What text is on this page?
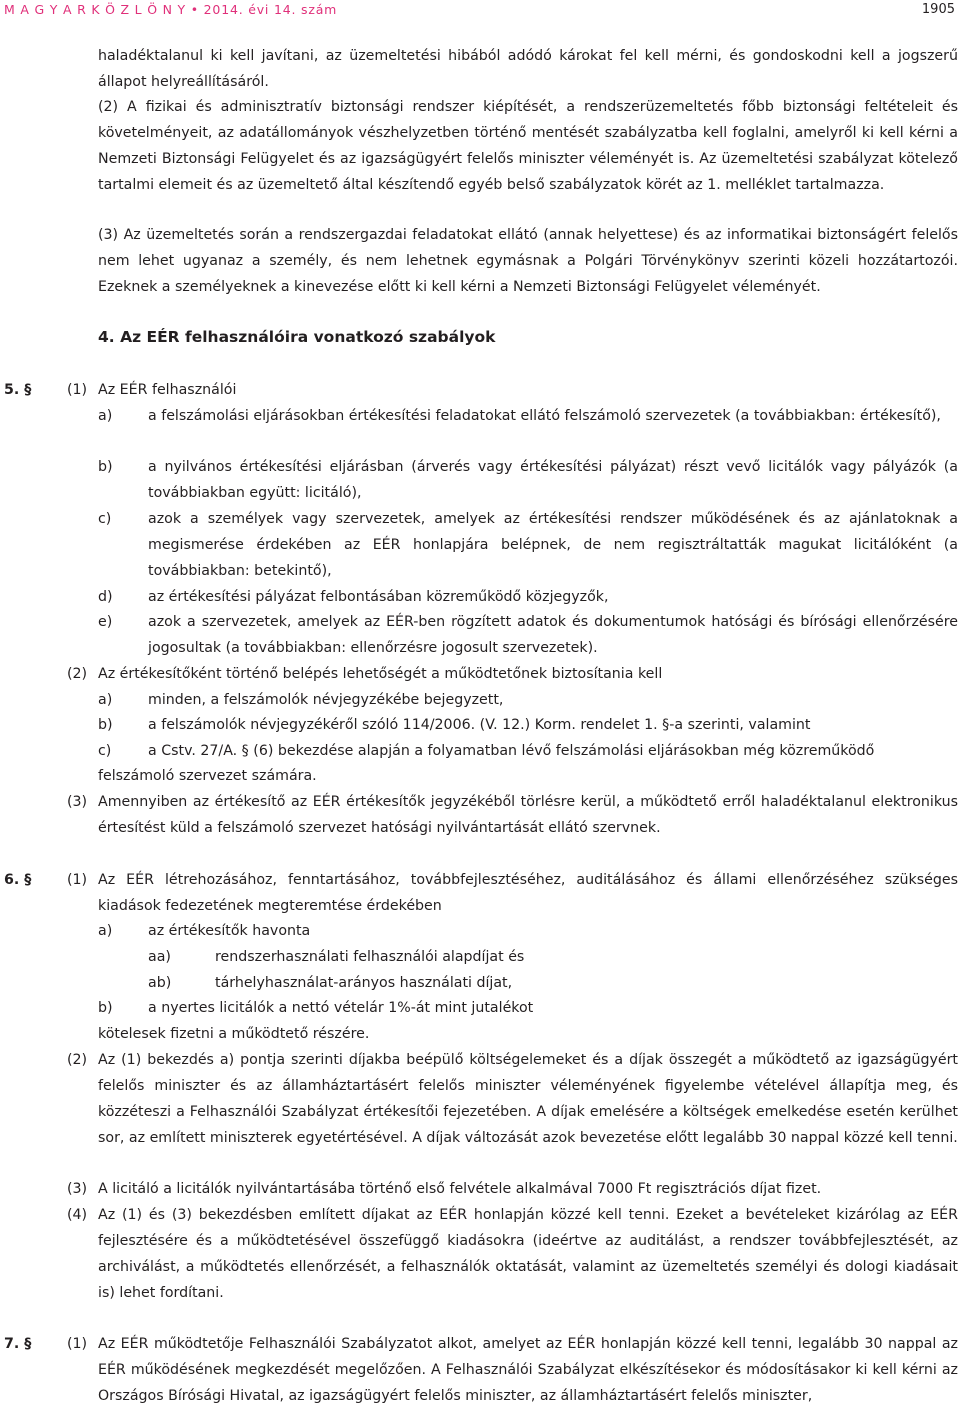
M A G Y A R K Ö Z L Ö N Y • 2014. évi 14. szám	1905
haladéktalanul ki kell javítani, az üzemeltetési hibából adódó károkat fel kell mérni, és gondoskodni kell a jogszerű állapot helyreállításáról.
(2) A fizikai és adminisztratív biztonsági rendszer kiépítését, a rendszerüzemeltetés főbb biztonsági feltételeit és követelményeit, az adatállományok vészhelyzetben történő mentését szabályzatba kell foglalni, amelyről ki kell kérni a Nemzeti Biztonsági Felügyelet és az igazságügyért felelős miniszter véleményét is. Az üzemeltetési szabályzat kötelező tartalmi elemeit és az üzemeltető által készítendő egyéb belső szabályzatok körét az 1. melléklet tartalmazza.
(3) Az üzemeltetés során a rendszergazdai feladatokat ellátó (annak helyettese) és az informatikai biztonságért felelős nem lehet ugyanaz a személy, és nem lehetnek egymásnak a Polgári Törvénykönyv szerinti közeli hozzátartozói. Ezeknek a személyeknek a kinevezése előtt ki kell kérni a Nemzeti Biztonsági Felügyelet véleményét.
4. Az EÉR felhasználóira vonatkozó szabályok
5. §	(1) Az EÉR felhasználói
a)	a felszámolási eljárásokban értékesítési feladatokat ellátó felszámoló szervezetek (a továbbiakban: értékesítő),
b) a nyilvános értékesítési eljárásban (árverés vagy értékesítési pályázat) részt vevő licitálók vagy pályázók (a továbbiakban együtt: licitáló),
c)	azok a személyek vagy szervezetek, amelyek az értékesítési rendszer működésének és az ajánlatoknak a megismerése érdekében az EÉR honlapjára belépnek, de nem regisztráltatták magukat licitálóként (a továbbiakban: betekintő),
d) az értékesítési pályázat felbontásában közreműködő közjegyzők,
e)	azok a szervezetek, amelyek az EÉR-ben rögzített adatok és dokumentumok hatósági és bírósági ellenőrzésére jogosultak (a továbbiakban: ellenőrzésre jogosult szervezetek).
(2) Az értékesítőként történő belépés lehetőségét a működtetőnek biztosítania kell
a)	minden, a felszámolók névjegyzékébe bejegyzett,
b) a felszámolók névjegyzékéről szóló 114/2006. (V. 12.) Korm. rendelet 1. §-a szerinti, valamint
c)	a Cstv. 27/A. § (6) bekezdése alapján a folyamatban lévő felszámolási eljárásokban még közreműködő
felszámoló szervezet számára.
(3) Amennyiben az értékesítő az EÉR értékesítők jegyzékéből törlésre kerül, a működtető erről haladéktalanul elektronikus értesítést küld a felszámoló szervezet hatósági nyilvántartását ellátó szervnek.
6. §	(1) Az EÉR létrehozásához, fenntartásához, továbbfejlesztéséhez, auditálásához és állami ellenőrzéséhez szükséges kiadások fedezetének megteremtése érdekében
a)	az értékesítők havonta
aa)	rendszerhasználati felhasználói alapdíjat és
ab)	tárhelyhasználat-arányos használati díjat,
b) a nyertes licitálók a nettó vételár 1%-át mint jutalékot
kötelesek fizetni a működtető részére.
(2) Az (1) bekezdés a) pontja szerinti díjakba beépülő költségelemeket és a díjak összegét a működtető az igazságügyért felelős miniszter és az államháztartásért felelős miniszter véleményének figyelembe vételével állapítja meg, és közzéteszi a Felhasználói Szabályzat értékesítői fejezetében. A díjak emelésére a költségek emelkedése esetén kerülhet sor, az említett miniszterek egyetértésével. A díjak változását azok bevezetése előtt legalább 30 nappal közzé kell tenni.
(3) A licitáló a licitálók nyilvántartásába történő első felvétele alkalmával 7000 Ft regisztrációs díjat fizet.
(4) Az (1) és (3) bekezdésben említett díjakat az EÉR honlapján közzé kell tenni. Ezeket a bevételeket kizárólag az EÉR fejlesztésére és a működtetésével összefüggő kiadásokra (ideértve az auditálást, a rendszer továbbfejlesztését, az archiválást, a működtetés ellenőrzését, a felhasználók oktatását, valamint az üzemeltetés személyi és dologi kiadásait is) lehet fordítani.
7. §	(1) Az EÉR működtetője Felhasználói Szabályzatot alkot, amelyet az EÉR honlapján közzé kell tenni, legalább 30 nappal az EÉR működésének megkezdését megelőzően. A Felhasználói Szabályzat elkészítésekor és módosításakor ki kell kérni az Országos Bírósági Hivatal, az igazságügyért felelős miniszter, az államháztartásért felelős miniszter,
